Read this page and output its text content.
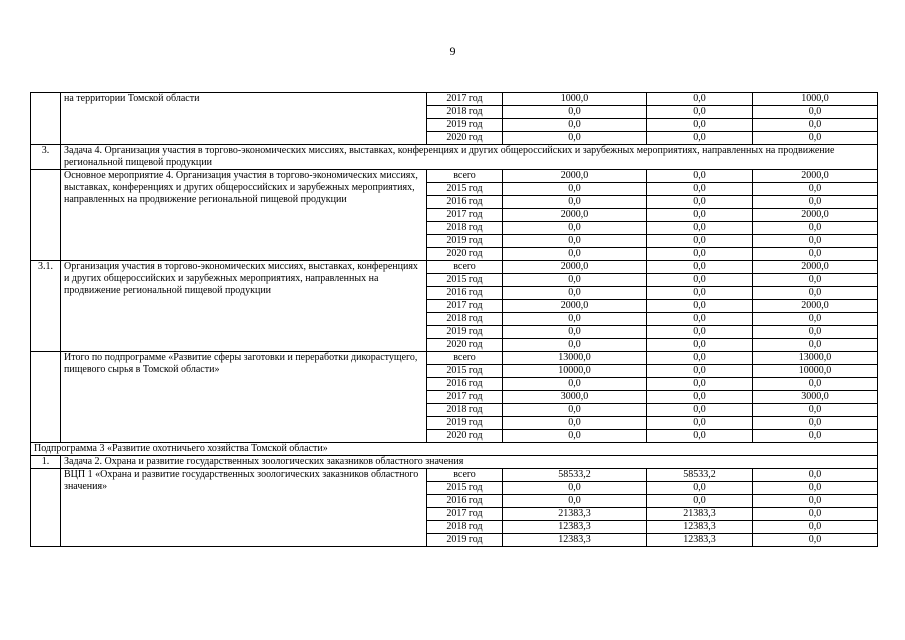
9
	на территории Томской области	2017 год	1000,0	0,0	1000,0
		2018 год	0,0	0,0	0,0
		2019 год	0,0	0,0	0,0
		2020 год	0,0	0,0	0,0
3.	Задача 4. Организация участия в торгово-экономических миссиях, выставках, конференциях и других общероссийских и зарубежных мероприятиях, направленных на продвижение региональной пищевой продукции				
	Основное мероприятие 4. Организация участия в торгово-экономических миссиях, выставках, конференциях и других общероссийских и зарубежных мероприятиях, направленных на продвижение региональной пищевой продукции	всего	2000,0	0,0	2000,0
		2015 год	0,0	0,0	0,0
		2016 год	0,0	0,0	0,0
		2017 год	2000,0	0,0	2000,0
		2018 год	0,0	0,0	0,0
		2019 год	0,0	0,0	0,0
		2020 год	0,0	0,0	0,0
3.1.	Организация участия в торгово-экономических миссиях, выставках, конференциях и других общероссийских и зарубежных мероприятиях, направленных на продвижение региональной пищевой продукции	всего	2000,0	0,0	2000,0
		2015 год	0,0	0,0	0,0
		2016 год	0,0	0,0	0,0
		2017 год	2000,0	0,0	2000,0
		2018 год	0,0	0,0	0,0
		2019 год	0,0	0,0	0,0
		2020 год	0,0	0,0	0,0
	Итого по подпрограмме «Развитие сферы заготовки и переработки дикорастущего, пищевого сырья в Томской области»	всего	13000,0	0,0	13000,0
		2015 год	10000,0	0,0	10000,0
		2016 год	0,0	0,0	0,0
		2017 год	3000,0	0,0	3000,0
		2018 год	0,0	0,0	0,0
		2019 год	0,0	0,0	0,0
		2020 год	0,0	0,0	0,0
Подпрограмма 3 «Развитие охотничьего хозяйства Томской области»					
1.	Задача 2. Охрана и развитие государственных зоологических заказников областного значения				
	ВЦП 1 «Охрана и развитие государственных зоологических заказников областного значения»	всего	58533,2	58533,2	0,0
		2015 год	0,0	0,0	0,0
		2016 год	0,0	0,0	0,0
		2017 год	21383,3	21383,3	0,0
		2018 год	12383,3	12383,3	0,0
		2019 год	12383,3	12383,3	0,0
